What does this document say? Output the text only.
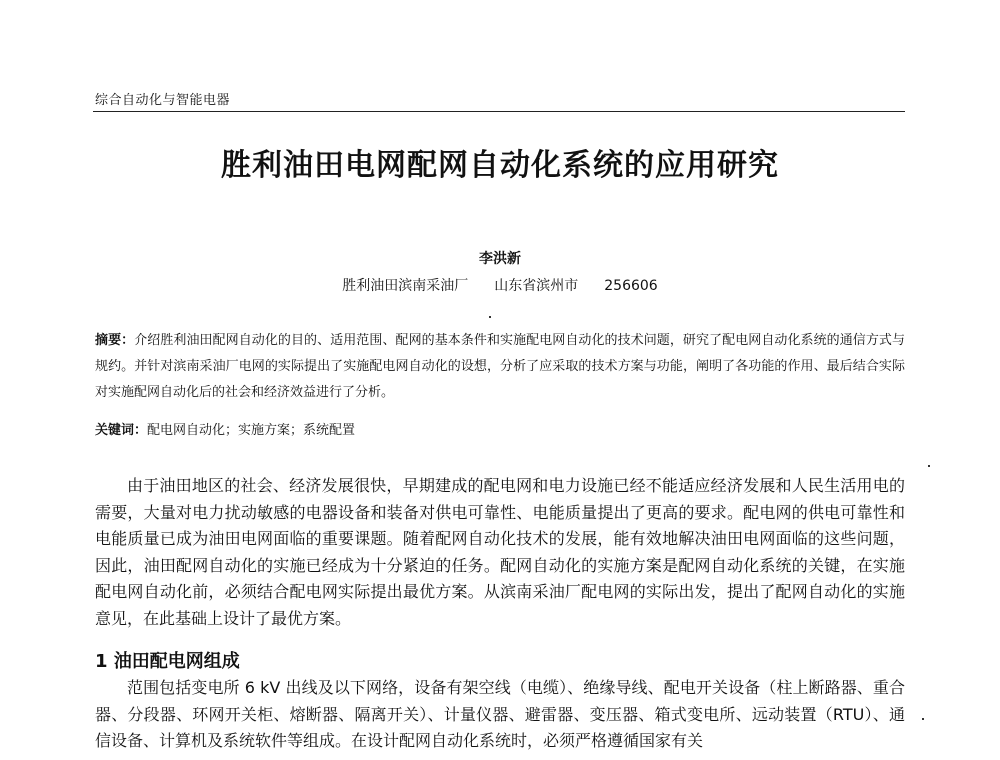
综合自动化与智能电器
胜利油田电网配网自动化系统的应用研究
李洪新
胜利油田滨南采油厂 山东省滨州市 256606
摘要：介绍胜利油田配网自动化的目的、适用范围、配网的基本条件和实施配电网自动化的技术问题，研究了配电网自动化系统的通信方式与规约。并针对滨南采油厂电网的实际提出了实施配电网自动化的设想，分析了应采取的技术方案与功能，阐明了各功能的作用、最后结合实际对实施配网自动化后的社会和经济效益进行了分析。
关键词：配电网自动化；实施方案；系统配置
由于油田地区的社会、经济发展很快，早期建成的配电网和电力设施已经不能适应经济发展和人民生活用电的需要，大量对电力扰动敏感的电器设备和装备对供电可靠性、电能质量提出了更高的要求。配电网的供电可靠性和电能质量已成为油田电网面临的重要课题。随着配网自动化技术的发展，能有效地解决油田电网面临的这些问题，因此，油田配网自动化的实施已经成为十分紧迫的任务。配网自动化的实施方案是配网自动化系统的关键，在实施配电网自动化前，必须结合配电网实际提出最优方案。从滨南采油厂配电网的实际出发，提出了配网自动化的实施意见，在此基础上设计了最优方案。
1 油田配电网组成
范围包括变电所 6 kV 出线及以下网络，设备有架空线（电缆）、绝缘导线、配电开关设备（柱上断路器、重合器、分段器、环网开关柜、熔断器、隔离开关）、计量仪器、避雷器、变压器、箱式变电所、远动装置（RTU）、通信设备、计算机及系统软件等组成。在设计配网自动化系统时，必须严格遵循国家有关
